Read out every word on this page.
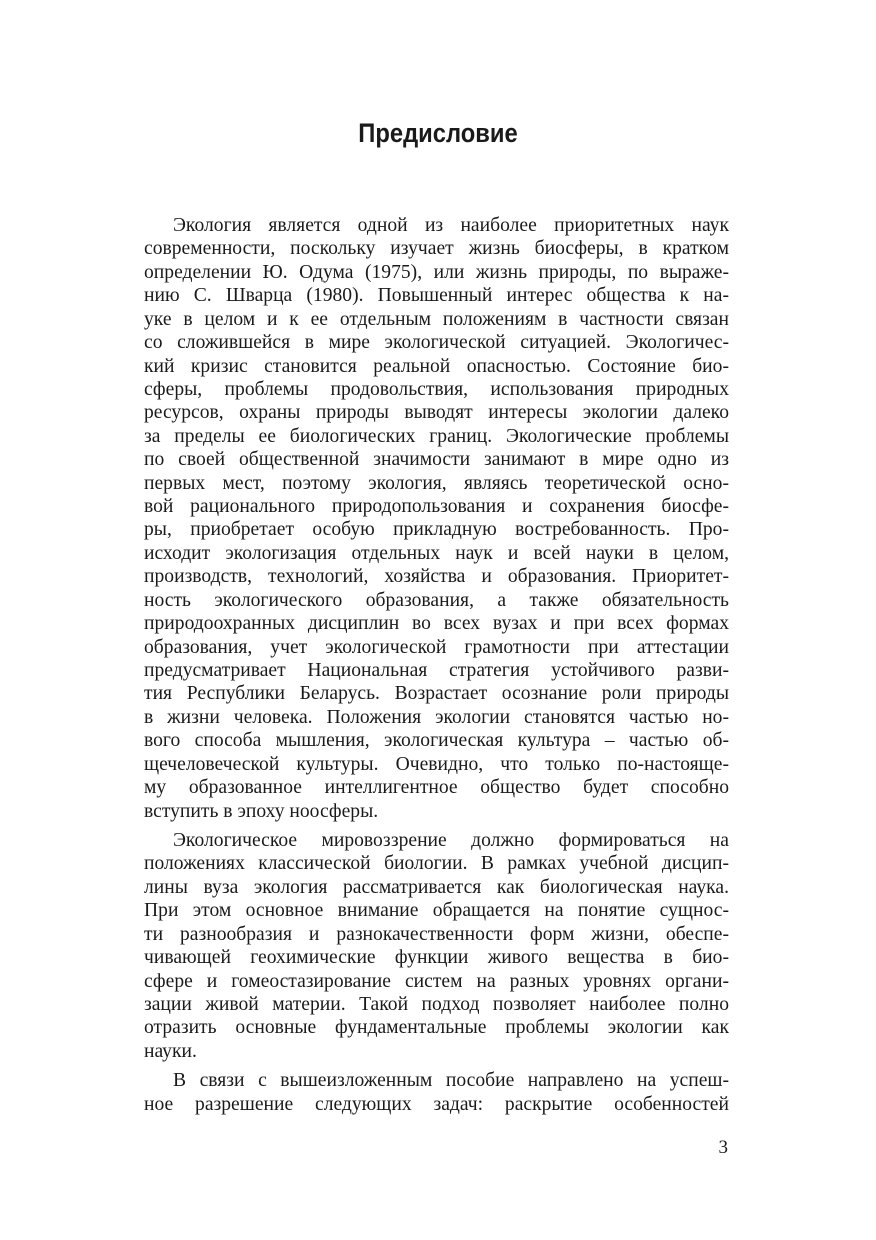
Предисловие
Экология является одной из наиболее приоритетных наук
современности, поскольку изучает жизнь биосферы, в кратком
определении Ю. Одума (1975), или жизнь природы, по выраже-
нию С. Шварца (1980). Повышенный интерес общества к на-
уке в целом и к ее отдельным положениям в частности связан
со сложившейся в мире экологической ситуацией. Экологичес-
кий кризис становится реальной опасностью. Состояние био-
сферы, проблемы продовольствия, использования природных
ресурсов, охраны природы выводят интересы экологии далеко
за пределы ее биологических границ. Экологические проблемы
по своей общественной значимости занимают в мире одно из
первых мест, поэтому экология, являясь теоретической осно-
вой рационального природопользования и сохранения биосфе-
ры, приобретает особую прикладную востребованность. Про-
исходит экологизация отдельных наук и всей науки в целом,
производств, технологий, хозяйства и образования. Приоритет-
ность экологического образования, а также обязательность
природоохранных дисциплин во всех вузах и при всех формах
образования, учет экологической грамотности при аттестации
предусматривает Национальная стратегия устойчивого разви-
тия Республики Беларусь. Возрастает осознание роли природы
в жизни человека. Положения экологии становятся частью но-
вого способа мышления, экологическая культура – частью об-
щечеловеческой культуры. Очевидно, что только по-настояще-
му образованное интеллигентное общество будет способно
вступить в эпоху ноосферы.
Экологическое мировоззрение должно формироваться на
положениях классической биологии. В рамках учебной дисцип-
лины вуза экология рассматривается как биологическая наука.
При этом основное внимание обращается на понятие сущнос-
ти разнообразия и разнокачественности форм жизни, обеспе-
чивающей геохимические функции живого вещества в био-
сфере и гомеостазирование систем на разных уровнях органи-
зации живой материи. Такой подход позволяет наиболее полно
отразить основные фундаментальные проблемы экологии как
науки.
В связи с вышеизложенным пособие направлено на успеш-
ное разрешение следующих задач: раскрытие особенностей
3
